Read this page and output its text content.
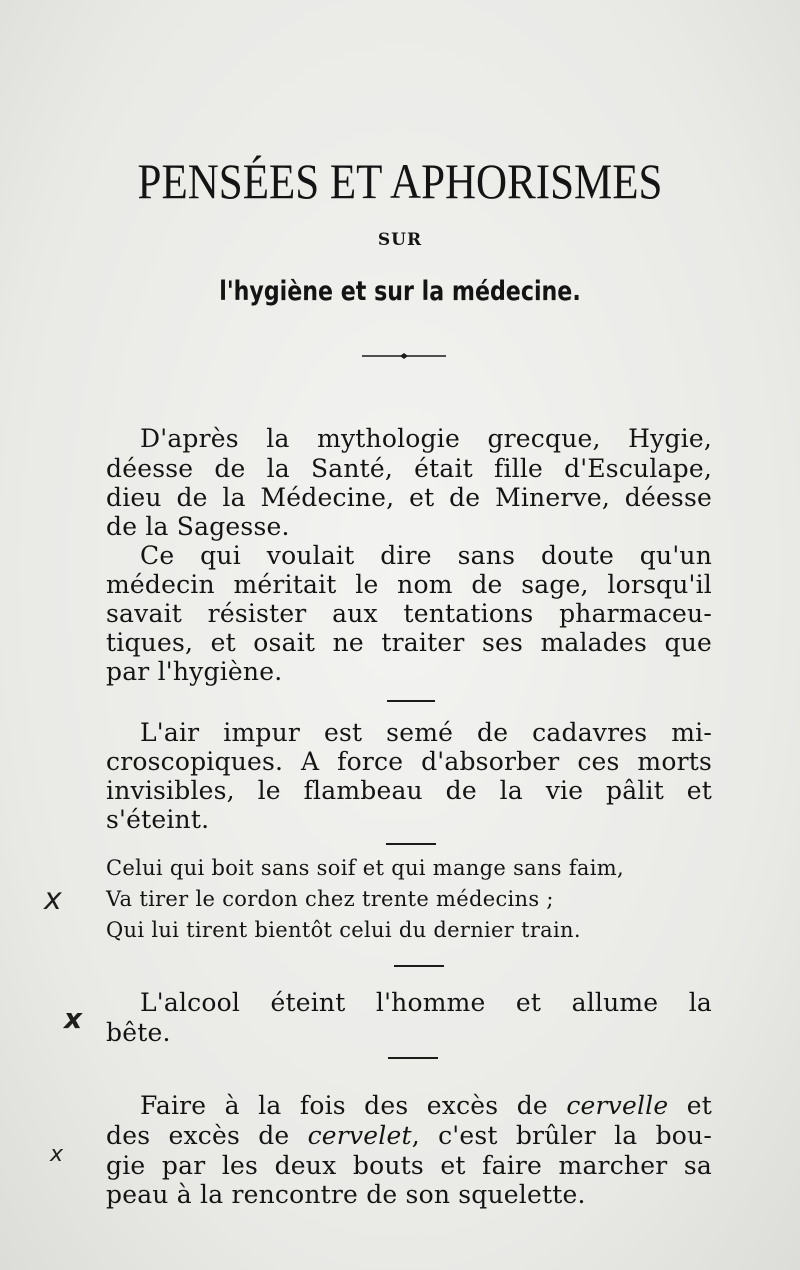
PENSÉES ET APHORISMES
SUR
l'hygiène et sur la médecine.
D'après la mythologie grecque, Hygie,
déesse de la Santé, était fille d'Esculape,
dieu de la Médecine, et de Minerve, déesse
de la Sagesse.
Ce qui voulait dire sans doute qu'un
médecin méritait le nom de sage, lorsqu'il
savait résister aux tentations pharmaceu-
tiques, et osait ne traiter ses malades que
par l'hygiène.
L'air impur est semé de cadavres mi-
croscopiques. A force d'absorber ces morts
invisibles, le flambeau de la vie pâlit et
s'éteint.
Celui qui boit sans soif et qui mange sans faim,
Va tirer le cordon chez trente médecins ;
Qui lui tirent bientôt celui du dernier train.
L'alcool éteint l'homme et allume la
bête.
Faire à la fois des excès de cervelle et
des excès de cervelet, c'est brûler la bou-
gie par les deux bouts et faire marcher sa
peau à la rencontre de son squelette.
x
x
x
